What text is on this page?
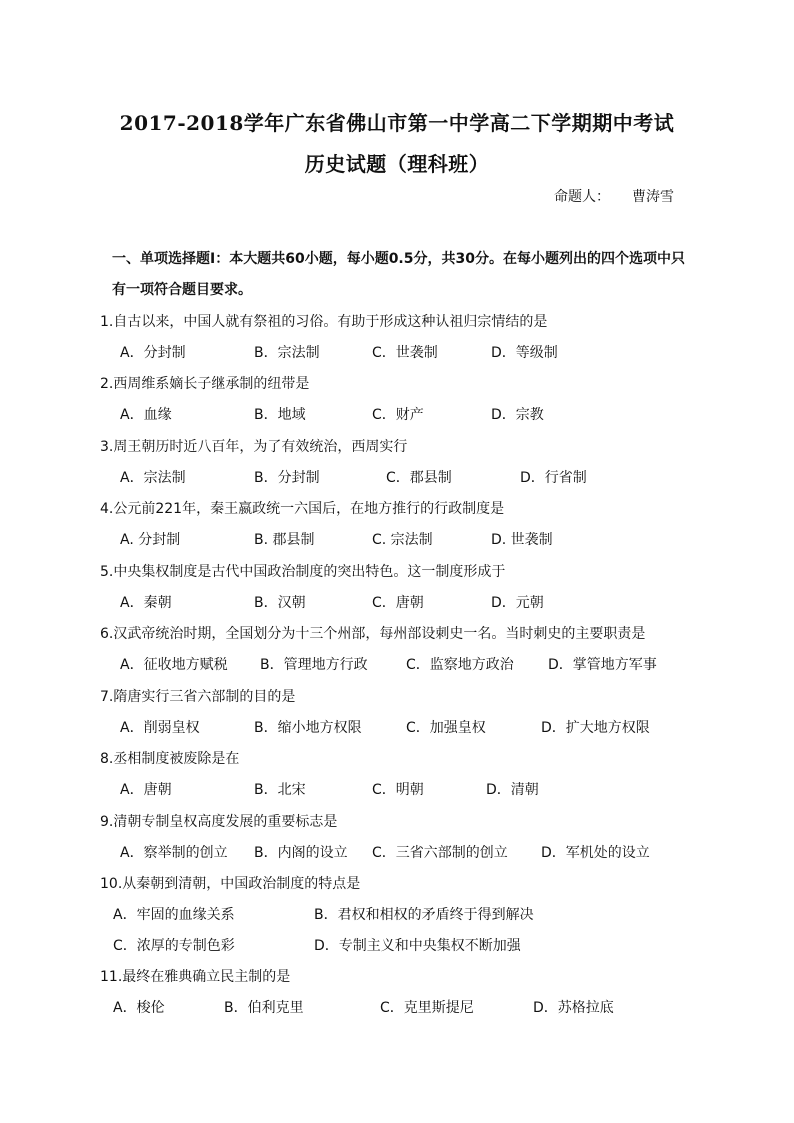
2017-2018学年广东省佛山市第一中学高二下学期期中考试
历史试题（理科班）
命题人： 曹涛雪
一、单项选择题Ⅰ：本大题共60小题，每小题0.5分，共30分。在每小题列出的四个选项中只有一项符合题目要求。
1.自古以来，中国人就有祭祖的习俗。有助于形成这种认祖归宗情结的是
A．分封制	B．宗法制	C．世袭制	D．等级制
2.西周维系嫡长子继承制的纽带是
A．血缘	B．地域	C．财产	D．宗教
3.周王朝历时近八百年，为了有效统治，西周实行
A．宗法制	B．分封制	C．郡县制	D．行省制
4.公元前221年，秦王嬴政统一六国后，在地方推行的行政制度是
A. 分封制	B. 郡县制	C. 宗法制	D. 世袭制
5.中央集权制度是古代中国政治制度的突出特色。这一制度形成于
A．秦朝	B．汉朝	C．唐朝	D．元朝
6.汉武帝统治时期，全国划分为十三个州部，每州部设刺史一名。当时刺史的主要职责是
A．征收地方赋税 B．管理地方行政	C．监察地方政治 D．掌管地方军事
7.隋唐实行三省六部制的目的是
A．削弱皇权	B．缩小地方权限	C．加强皇权	D．扩大地方权限
8.丞相制度被废除是在
A．唐朝	B．北宋	C．明朝	D．清朝
9.清朝专制皇权高度发展的重要标志是
A．察举制的创立 B．内阁的设立 C．三省六部制的创立 D．军机处的设立
10.从秦朝到清朝，中国政治制度的特点是
A．牢固的血缘关系	B．君权和相权的矛盾终于得到解决
C．浓厚的专制色彩	D．专制主义和中央集权不断加强
11.最终在雅典确立民主制的是
A．梭伦	B．伯利克里	C．克里斯提尼	D．苏格拉底
